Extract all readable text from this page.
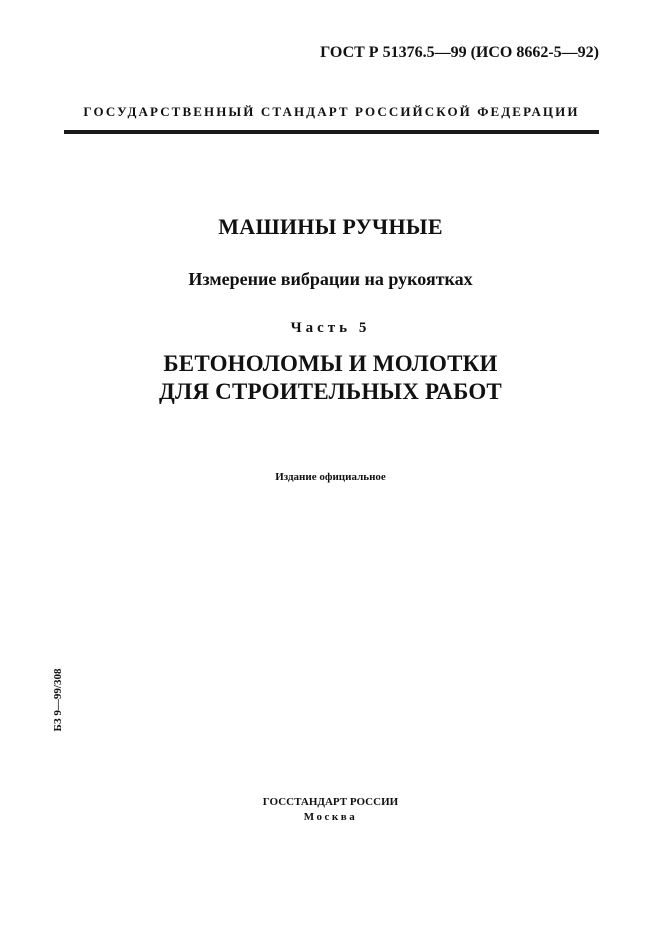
ГОСТ Р 51376.5—99 (ИСО 8662-5—92)
ГОСУДАРСТВЕННЫЙ СТАНДАРТ РОССИЙСКОЙ ФЕДЕРАЦИИ
МАШИНЫ РУЧНЫЕ
Измерение вибрации на рукоятках
Часть 5
БЕТОНОЛОМЫ И МОЛОТКИ
ДЛЯ СТРОИТЕЛЬНЫХ РАБОТ
Издание официальное
БЗ 9—99/308
ГОССТАНДАРТ РОССИИ
Москва
